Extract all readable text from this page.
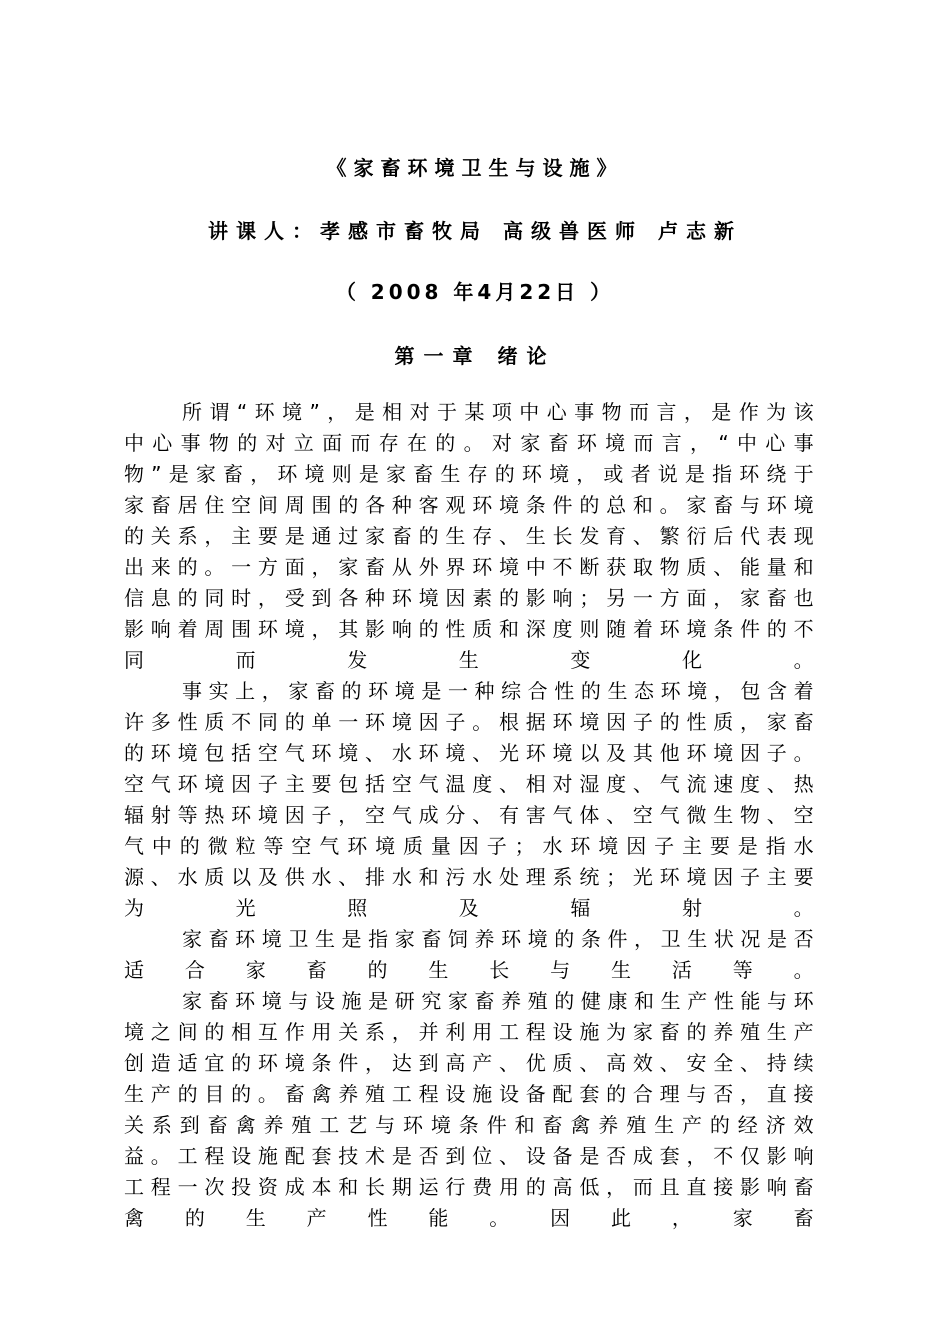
《家畜环境卫生与设施》
讲课人：孝感市畜牧局 高级兽医师 卢志新
（ 2008 年4月22日 ）
第一章 绪论

所谓“环境”，是相对于某项中心事物而言，是作为该中心事物的对立面而存在的。对家畜环境而言，“中心事物”是家畜，环境则是家畜生存的环境，或者说是指环绕于家畜居住空间周围的各种客观环境条件的总和。家畜与环境的关系，主要是通过家畜的生存、生长发育、繁衍后代表现出来的。一方面，家畜从外界环境中不断获取物质、能量和信息的同时，受到各种环境因素的影响；另一方面，家畜也影响着周围环境，其影响的性质和深度则随着环境条件的不同而发生变化。

事实上，家畜的环境是一种综合性的生态环境，包含着许多性质不同的单一环境因子。根据环境因子的性质，家畜的环境包括空气环境、水环境、光环境以及其他环境因子。空气环境因子主要包括空气温度、相对湿度、气流速度、热辐射等热环境因子，空气成分、有害气体、空气微生物、空气中的微粒等空气环境质量因子；水环境因子主要是指水源、水质以及供水、排水和污水处理系统；光环境因子主要为光照及辐射。

家畜环境卫生是指家畜饲养环境的条件，卫生状况是否适合家畜的生长与生活等。

家畜环境与设施是研究家畜养殖的健康和生产性能与环境之间的相互作用关系，并利用工程设施为家畜的养殖生产创造适宜的环境条件，达到高产、优质、高效、安全、持续生产的目的。畜禽养殖工程设施设备配套的合理与否，直接关系到畜禽养殖工艺与环境条件和畜禽养殖生产的经济效益。工程设施配套技术是否到位、设备是否成套，不仅影响工程一次投资成本和长期运行费用的高低，而且直接影响畜禽的生产性能。因此，家畜
